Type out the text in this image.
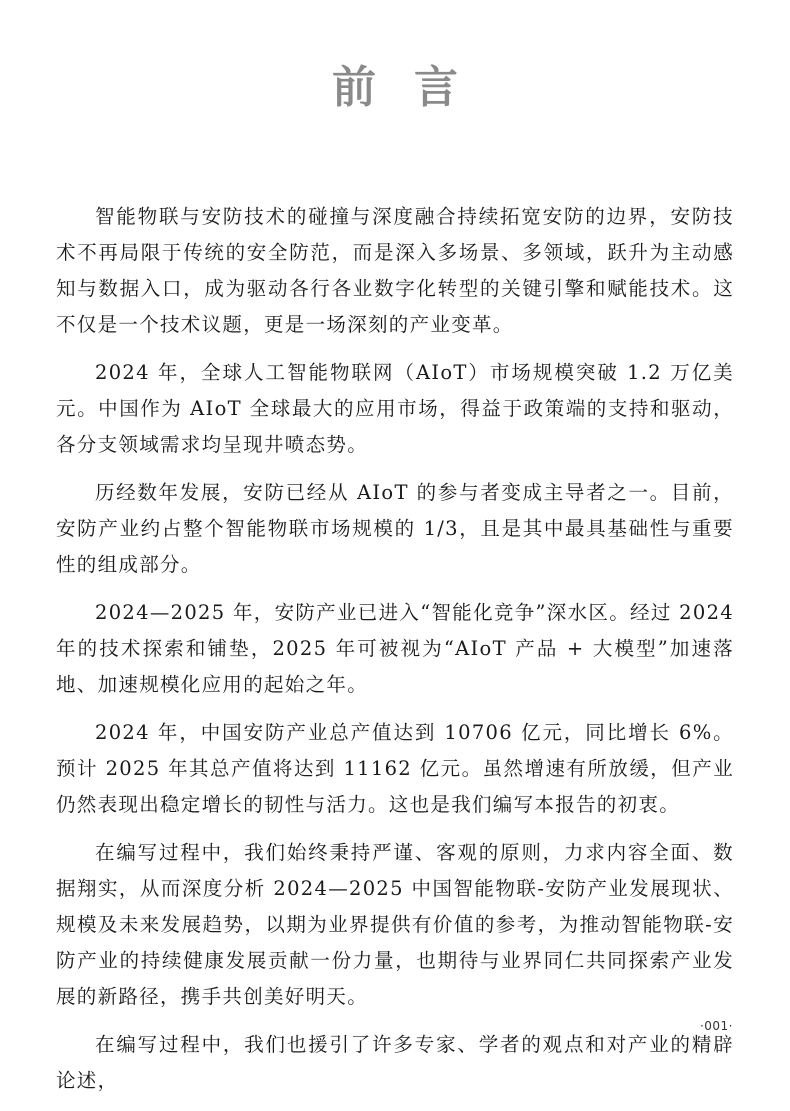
前言

智能物联与安防技术的碰撞与深度融合持续拓宽安防的边界，安防技术不再局限于传统的安全防范，而是深入多场景、多领域，跃升为主动感知与数据入口，成为驱动各行各业数字化转型的关键引擎和赋能技术。这不仅是一个技术议题，更是一场深刻的产业变革。

2024 年，全球人工智能物联网（AIoT）市场规模突破 1.2 万亿美元。中国作为 AIoT 全球最大的应用市场，得益于政策端的支持和驱动，各分支领域需求均呈现井喷态势。

历经数年发展，安防已经从 AIoT 的参与者变成主导者之一。目前，安防产业约占整个智能物联市场规模的 1/3，且是其中最具基础性与重要性的组成部分。

2024—2025 年，安防产业已进入“智能化竞争”深水区。经过 2024 年的技术探索和铺垫，2025 年可被视为“AIoT 产品 + 大模型”加速落地、加速规模化应用的起始之年。

2024 年，中国安防产业总产值达到 10706 亿元，同比增长 6%。预计 2025 年其总产值将达到 11162 亿元。虽然增速有所放缓，但产业仍然表现出稳定增长的韧性与活力。这也是我们编写本报告的初衷。

在编写过程中，我们始终秉持严谨、客观的原则，力求内容全面、数据翔实，从而深度分析 2024—2025 中国智能物联-安防产业发展现状、规模及未来发展趋势，以期为业界提供有价值的参考，为推动智能物联-安防产业的持续健康发展贡献一份力量，也期待与业界同仁共同探索产业发展的新路径，携手共创美好明天。

在编写过程中，我们也援引了许多专家、学者的观点和对产业的精辟论述，

·001·
